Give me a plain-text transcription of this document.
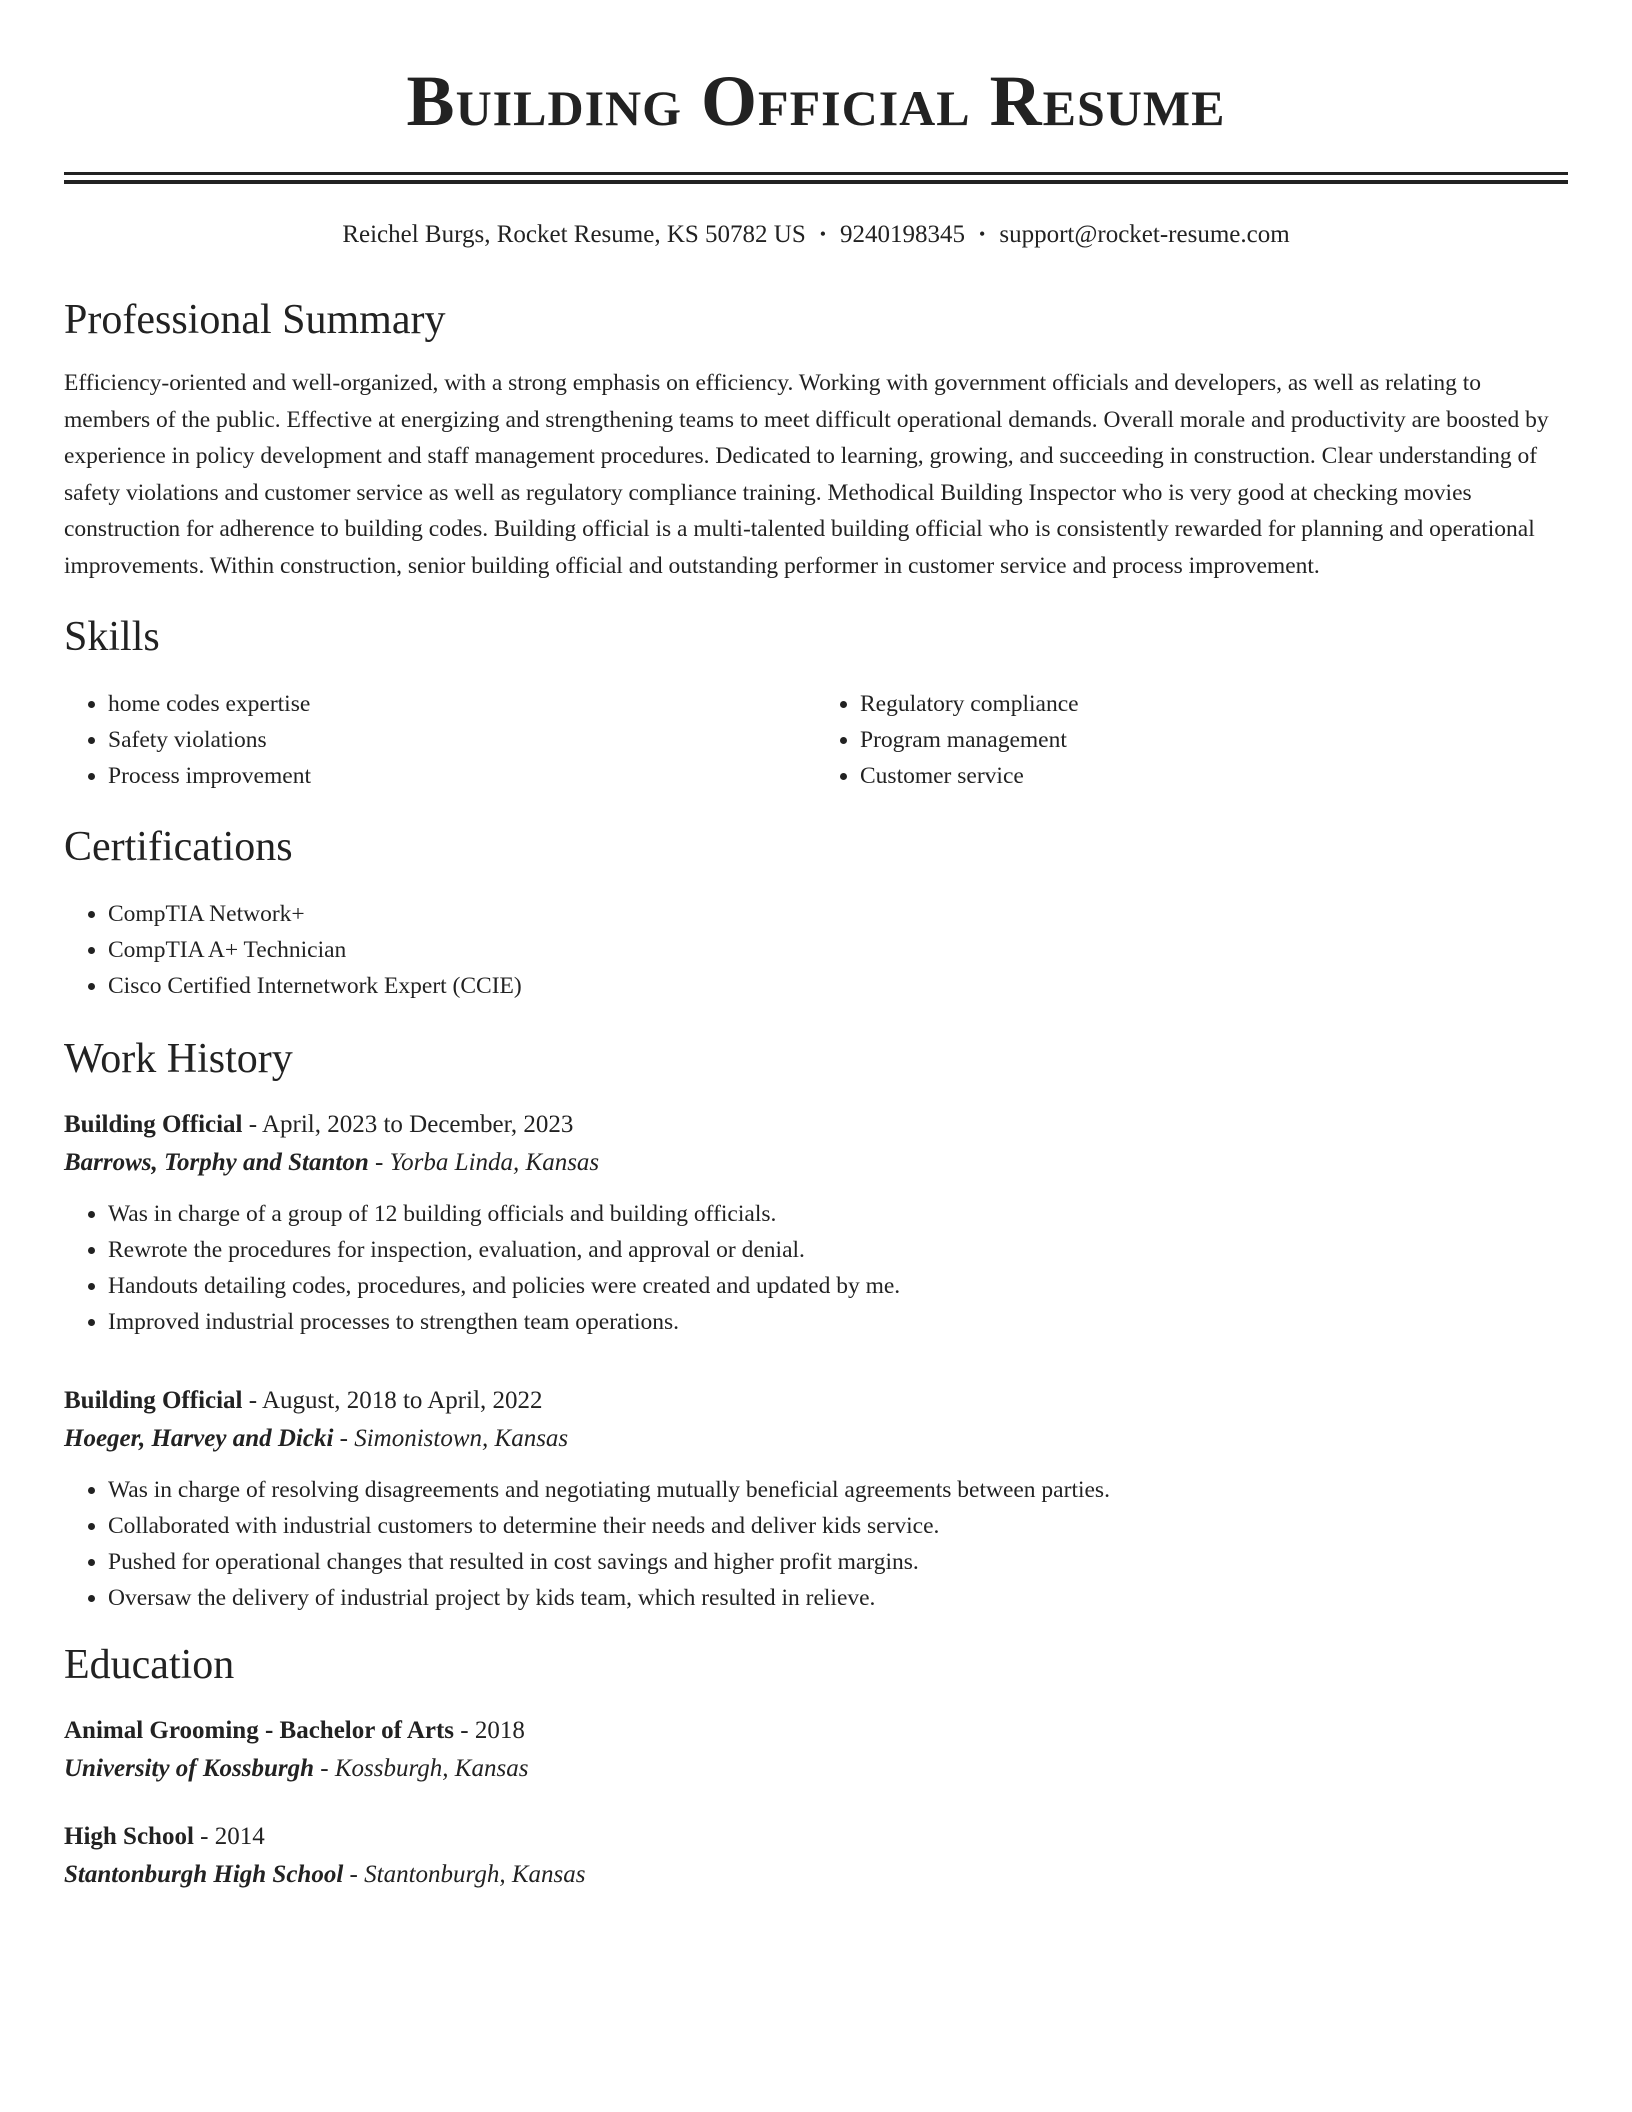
Building Official Resume
Reichel Burgs, Rocket Resume, KS 50782 US • 9240198345 • support@rocket-resume.com
Professional Summary

Efficiency-oriented and well-organized, with a strong emphasis on efficiency. Working with government officials and developers, as well as relating to members of the public. Effective at energizing and strengthening teams to meet difficult operational demands. Overall morale and productivity are boosted by experience in policy development and staff management procedures. Dedicated to learning, growing, and succeeding in construction. Clear understanding of safety violations and customer service as well as regulatory compliance training. Methodical Building Inspector who is very good at checking movies construction for adherence to building codes. Building official is a multi-talented building official who is consistently rewarded for planning and operational improvements. Within construction, senior building official and outstanding performer in customer service and process improvement.

Skills
• home codes expertise
• Safety violations
• Process improvement
• Regulatory compliance
• Program management
• Customer service
Certifications
• CompTIA Network+
• CompTIA A+ Technician
• Cisco Certified Internetwork Expert (CCIE)
Work History
Building Official - April, 2023 to December, 2023
Barrows, Torphy and Stanton - Yorba Linda, Kansas
• Was in charge of a group of 12 building officials and building officials.
• Rewrote the procedures for inspection, evaluation, and approval or denial.
• Handouts detailing codes, procedures, and policies were created and updated by me.
• Improved industrial processes to strengthen team operations.
Building Official - August, 2018 to April, 2022
Hoeger, Harvey and Dicki - Simonistown, Kansas
• Was in charge of resolving disagreements and negotiating mutually beneficial agreements between parties.
• Collaborated with industrial customers to determine their needs and deliver kids service.
• Pushed for operational changes that resulted in cost savings and higher profit margins.
• Oversaw the delivery of industrial project by kids team, which resulted in relieve.
Education
Animal Grooming - Bachelor of Arts - 2018
University of Kossburgh - Kossburgh, Kansas
High School - 2014
Stantonburgh High School - Stantonburgh, Kansas
